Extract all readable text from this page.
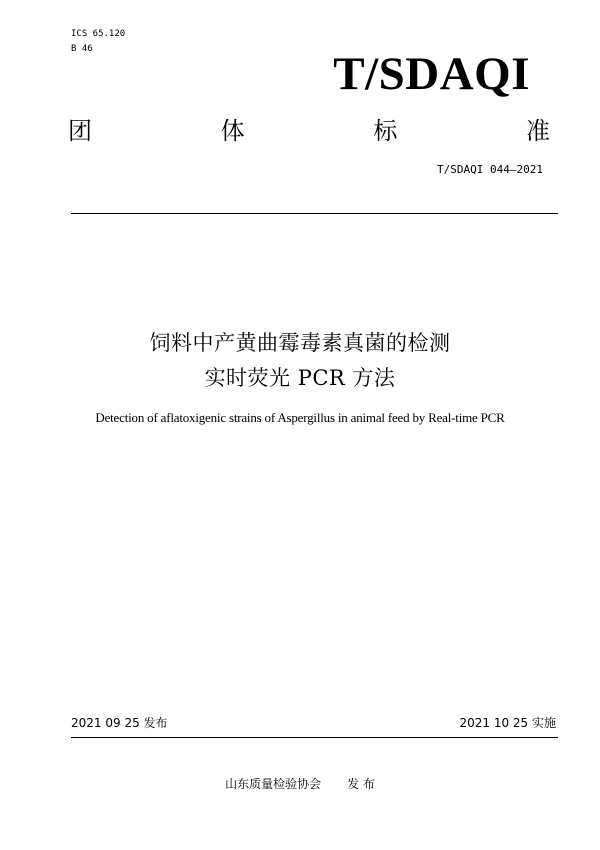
ICS 65.120
B 46	T/SDAQI
团	体	标	准
T/SDAQI 044—2021
饲料中产黄曲霉毒素真菌的检测
实时荧光 PCR 方法
Detection of aflatoxigenic strains of Aspergillus in animal feed by Real-time PCR
2021 09 25 发布	2021 10 25 实施
山东质量检验协会 发 布
